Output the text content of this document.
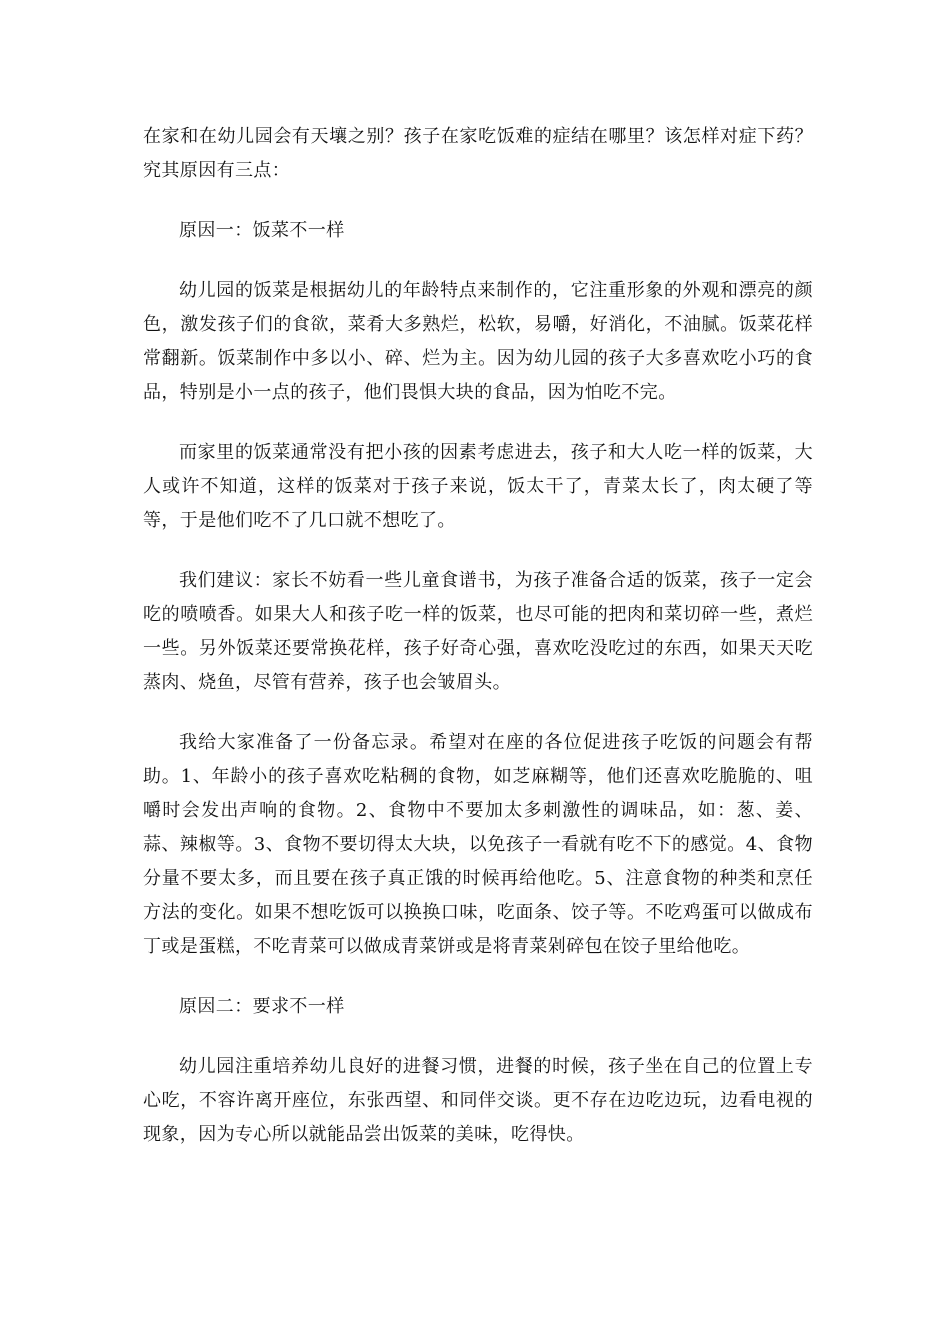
在家和在幼儿园会有天壤之别？孩子在家吃饭难的症结在哪里？该怎样对症下药？究其原因有三点：

原因一：饭菜不一样

幼儿园的饭菜是根据幼儿的年龄特点来制作的，它注重形象的外观和漂亮的颜色，激发孩子们的食欲，菜肴大多熟烂，松软，易嚼，好消化，不油腻。饭菜花样常翻新。饭菜制作中多以小、碎、烂为主。因为幼儿园的孩子大多喜欢吃小巧的食品，特别是小一点的孩子，他们畏惧大块的食品，因为怕吃不完。

而家里的饭菜通常没有把小孩的因素考虑进去，孩子和大人吃一样的饭菜，大人或许不知道，这样的饭菜对于孩子来说，饭太干了，青菜太长了，肉太硬了等等，于是他们吃不了几口就不想吃了。

我们建议：家长不妨看一些儿童食谱书，为孩子准备合适的饭菜，孩子一定会吃的喷喷香。如果大人和孩子吃一样的饭菜，也尽可能的把肉和菜切碎一些，煮烂一些。另外饭菜还要常换花样，孩子好奇心强，喜欢吃没吃过的东西，如果天天吃蒸肉、烧鱼，尽管有营养，孩子也会皱眉头。

我给大家准备了一份备忘录。希望对在座的各位促进孩子吃饭的问题会有帮助。1、年龄小的孩子喜欢吃粘稠的食物，如芝麻糊等，他们还喜欢吃脆脆的、咀嚼时会发出声响的食物。2、食物中不要加太多刺激性的调味品，如：葱、姜、蒜、辣椒等。3、食物不要切得太大块，以免孩子一看就有吃不下的感觉。4、食物分量不要太多，而且要在孩子真正饿的时候再给他吃。5、注意食物的种类和烹任方法的变化。如果不想吃饭可以换换口味，吃面条、饺子等。不吃鸡蛋可以做成布丁或是蛋糕，不吃青菜可以做成青菜饼或是将青菜剁碎包在饺子里给他吃。

原因二：要求不一样

幼儿园注重培养幼儿良好的进餐习惯，进餐的时候，孩子坐在自己的位置上专心吃，不容许离开座位，东张西望、和同伴交谈。更不存在边吃边玩，边看电视的现象，因为专心所以就能品尝出饭菜的美味，吃得快。
